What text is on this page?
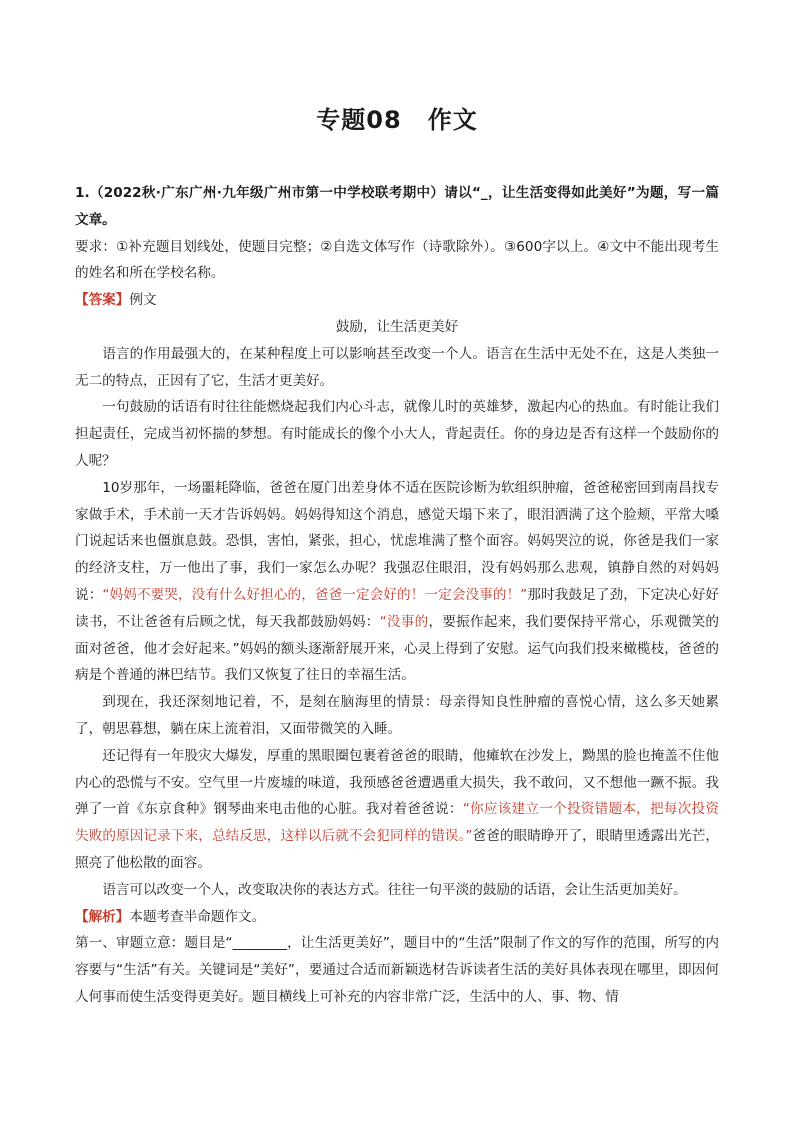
专题08 作文

1.（2022秋·广东广州·九年级广州市第一中学校联考期中）请以“_，让生活变得如此美好”为题，写一篇文章。

要求：①补充题目划线处，使题目完整；②自选文体写作（诗歌除外）。③600字以上。④文中不能出现考生的姓名和所在学校名称。

【答案】例文

鼓励，让生活更美好

语言的作用最强大的，在某种程度上可以影响甚至改变一个人。语言在生活中无处不在，这是人类独一无二的特点，正因有了它，生活才更美好。

一句鼓励的话语有时往往能燃烧起我们内心斗志，就像儿时的英雄梦，激起内心的热血。有时能让我们担起责任，完成当初怀揣的梦想。有时能成长的像个小大人，背起责任。你的身边是否有这样一个鼓励你的人呢？

10岁那年，一场噩耗降临，爸爸在厦门出差身体不适在医院诊断为软组织肿瘤，爸爸秘密回到南昌找专家做手术，手术前一天才告诉妈妈。妈妈得知这个消息，感觉天塌下来了，眼泪洒满了这个脸颊，平常大嗓门说起话来也僵旗息鼓。恐惧，害怕，紧张，担心，忧虑堆满了整个面容。妈妈哭泣的说，你爸是我们一家的经济支柱，万一他出了事，我们一家怎么办呢？我强忍住眼泪，没有妈妈那么悲观，镇静自然的对妈妈说：“妈妈不要哭，没有什么好担心的，爸爸一定会好的！一定会没事的！”那时我鼓足了劲，下定决心好好读书，不让爸爸有后顾之忧，每天我都鼓励妈妈：“没事的，要振作起来，我们要保持平常心，乐观微笑的面对爸爸，他才会好起来。”妈妈的额头逐渐舒展开来，心灵上得到了安慰。运气向我们投来橄榄枝，爸爸的病是个普通的淋巴结节。我们又恢复了往日的幸福生活。

到现在，我还深刻地记着，不，是刻在脑海里的情景：母亲得知良性肿瘤的喜悦心情，这么多天她累了，朝思暮想，躺在床上流着泪，又面带微笑的入睡。

还记得有一年股灾大爆发，厚重的黑眼圈包裹着爸爸的眼睛，他瘫软在沙发上，黝黑的脸也掩盖不住他内心的恐慌与不安。空气里一片废墟的味道，我预感爸爸遭遇重大损失，我不敢问，又不想他一蹶不振。我弹了一首《东京食种》钢琴曲来电击他的心脏。我对着爸爸说：“你应该建立一个投资错题本，把每次投资失败的原因记录下来，总结反思，这样以后就不会犯同样的错误。”爸爸的眼睛睁开了，眼睛里透露出光芒，照亮了他松散的面容。

语言可以改变一个人，改变取决你的表达方式。往往一句平淡的鼓励的话语，会让生活更加美好。

【解析】本题考查半命题作文。

第一、审题立意：题目是“________，让生活更美好”，题目中的“生活”限制了作文的写作的范围，所写的内容要与“生活”有关。关键词是“美好”，要通过合适而新颖选材告诉读者生活的美好具体表现在哪里，即因何人何事而使生活变得更美好。题目横线上可补充的内容非常广泛，生活中的人、事、物、情
